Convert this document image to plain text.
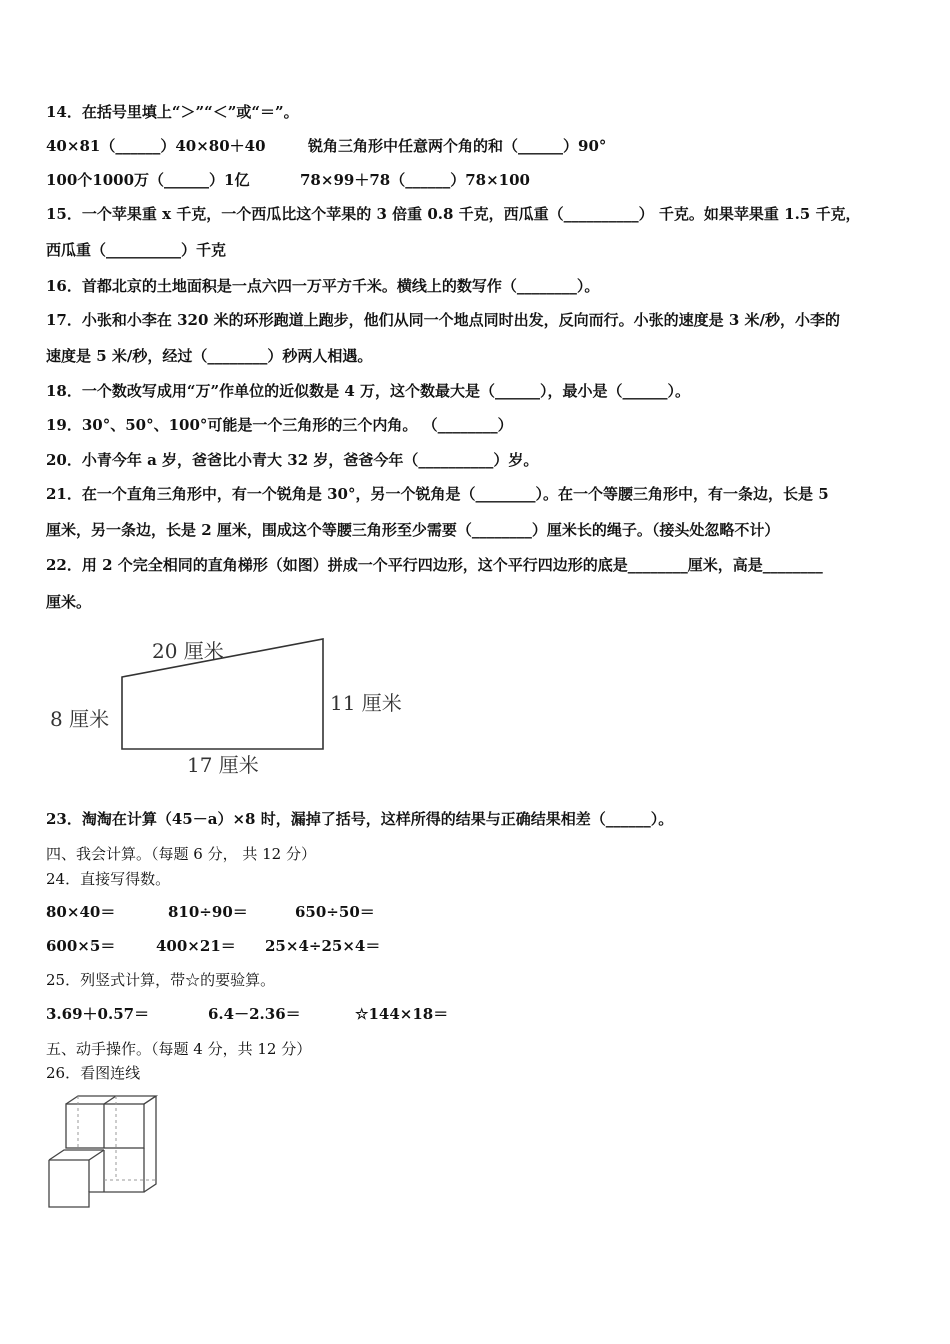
14．在括号里填上“＞”“＜”或“＝”。
40×81（______）40×80＋40	锐角三角形中任意两个角的和（______）90°
100个1000万（______）1亿	78×99＋78（______）78×100
15．一个苹果重 x 千克，一个西瓜比这个苹果的 3 倍重 0.8 千克，西瓜重（__________） 千克。如果苹果重 1.5 千克，
西瓜重（__________）千克
16．首都北京的土地面积是一点六四一万平方千米。横线上的数写作（________）。
17．小张和小李在 320 米的环形跑道上跑步，他们从同一个地点同时出发，反向而行。小张的速度是 3 米/秒，小李的
速度是 5 米/秒，经过（________）秒两人相遇。
18．一个数改写成用“万”作单位的近似数是 4 万，这个数最大是（______），最小是（______）。
19．30°、50°、100°可能是一个三角形的三个内角。 （________）
20．小青今年 a 岁，爸爸比小青大 32 岁，爸爸今年（__________）岁。
21．在一个直角三角形中，有一个锐角是 30°，另一个锐角是（________）。在一个等腰三角形中，有一条边，长是 5
厘米，另一条边，长是 2 厘米，围成这个等腰三角形至少需要（________）厘米长的绳子。（接头处忽略不计）
22．用 2 个完全相同的直角梯形（如图）拼成一个平行四边形，这个平行四边形的底是________厘米，高是________
厘米。
20 厘米
8 厘米
11 厘米
17 厘米
23．淘淘在计算（45－a）×8 时，漏掉了括号，这样所得的结果与正确结果相差（______）。
四、我会计算。（每题 6 分， 共 12 分）
24．直接写得数。
80×40＝	810÷90＝	650÷50＝
600×5＝	400×21＝ 25×4÷25×4＝
25．列竖式计算，带☆的要验算。
3.69＋0.57＝	6.4－2.36＝	☆144×18＝
五、动手操作。（每题 4 分，共 12 分）
26．看图连线
